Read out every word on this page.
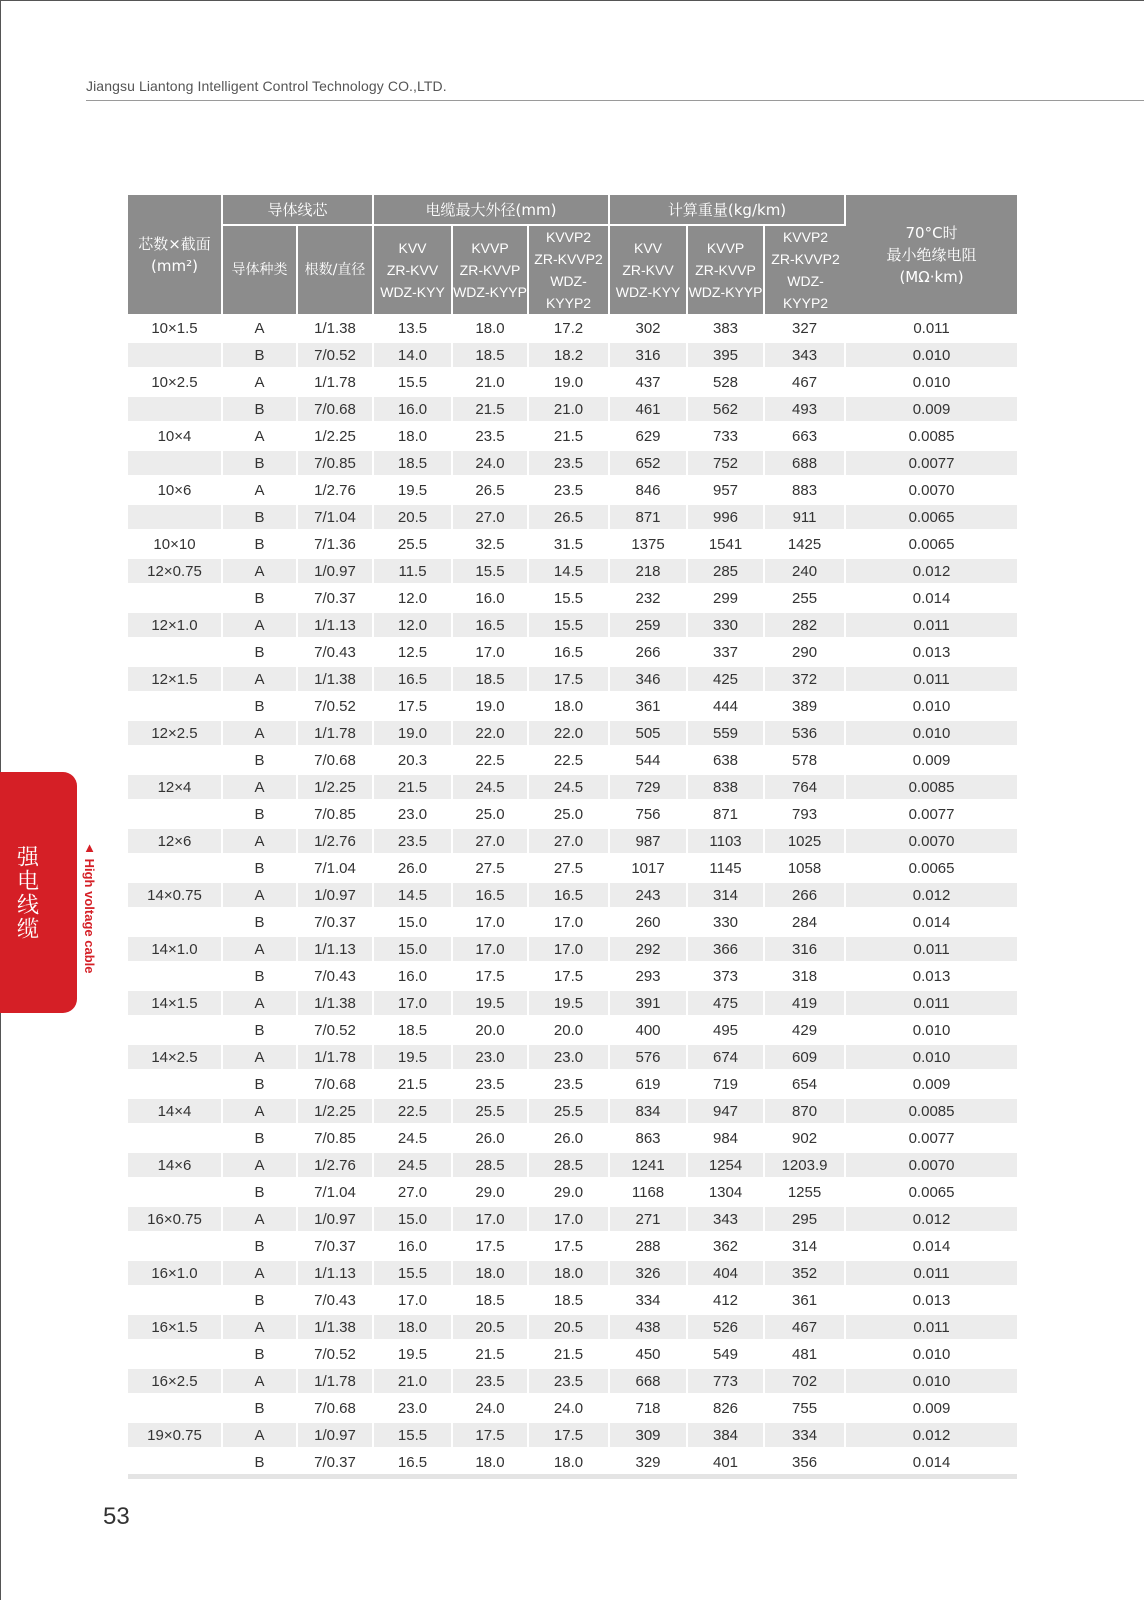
Jiangsu Liantong Intelligent Control Technology CO.,LTD.
强电线缆	▲ High voltage cable
芯数×截面
(mm²)	导体线芯		电缆最大外径(mm)			计算重量(kg/km)			70°C时
最小绝缘电阻
(MΩ·km)
	导体种类	根数/直径	KVV
ZR-KVV
WDZ-KYY	KVVP
ZR-KVVP
WDZ-KYYP	KVVP2
ZR-KVVP2
WDZ-KYYP2	KVV
ZR-KVV
WDZ-KYY	KVVP
ZR-KVVP
WDZ-KYYP	KVVP2
ZR-KVVP2
WDZ-KYYP2	
10×1.5	A	1/1.38	13.5	18.0	17.2	302	383	327	0.011
	B	7/0.52	14.0	18.5	18.2	316	395	343	0.010
10×2.5	A	1/1.78	15.5	21.0	19.0	437	528	467	0.010
	B	7/0.68	16.0	21.5	21.0	461	562	493	0.009
10×4	A	1/2.25	18.0	23.5	21.5	629	733	663	0.0085
	B	7/0.85	18.5	24.0	23.5	652	752	688	0.0077
10×6	A	1/2.76	19.5	26.5	23.5	846	957	883	0.0070
	B	7/1.04	20.5	27.0	26.5	871	996	911	0.0065
10×10	B	7/1.36	25.5	32.5	31.5	1375	1541	1425	0.0065
12×0.75	A	1/0.97	11.5	15.5	14.5	218	285	240	0.012
	B	7/0.37	12.0	16.0	15.5	232	299	255	0.014
12×1.0	A	1/1.13	12.0	16.5	15.5	259	330	282	0.011
	B	7/0.43	12.5	17.0	16.5	266	337	290	0.013
12×1.5	A	1/1.38	16.5	18.5	17.5	346	425	372	0.011
	B	7/0.52	17.5	19.0	18.0	361	444	389	0.010
12×2.5	A	1/1.78	19.0	22.0	22.0	505	559	536	0.010
	B	7/0.68	20.3	22.5	22.5	544	638	578	0.009
12×4	A	1/2.25	21.5	24.5	24.5	729	838	764	0.0085
	B	7/0.85	23.0	25.0	25.0	756	871	793	0.0077
12×6	A	1/2.76	23.5	27.0	27.0	987	1103	1025	0.0070
	B	7/1.04	26.0	27.5	27.5	1017	1145	1058	0.0065
14×0.75	A	1/0.97	14.5	16.5	16.5	243	314	266	0.012
	B	7/0.37	15.0	17.0	17.0	260	330	284	0.014
14×1.0	A	1/1.13	15.0	17.0	17.0	292	366	316	0.011
	B	7/0.43	16.0	17.5	17.5	293	373	318	0.013
14×1.5	A	1/1.38	17.0	19.5	19.5	391	475	419	0.011
	B	7/0.52	18.5	20.0	20.0	400	495	429	0.010
14×2.5	A	1/1.78	19.5	23.0	23.0	576	674	609	0.010
	B	7/0.68	21.5	23.5	23.5	619	719	654	0.009
14×4	A	1/2.25	22.5	25.5	25.5	834	947	870	0.0085
	B	7/0.85	24.5	26.0	26.0	863	984	902	0.0077
14×6	A	1/2.76	24.5	28.5	28.5	1241	1254	1203.9	0.0070
	B	7/1.04	27.0	29.0	29.0	1168	1304	1255	0.0065
16×0.75	A	1/0.97	15.0	17.0	17.0	271	343	295	0.012
	B	7/0.37	16.0	17.5	17.5	288	362	314	0.014
16×1.0	A	1/1.13	15.5	18.0	18.0	326	404	352	0.011
	B	7/0.43	17.0	18.5	18.5	334	412	361	0.013
16×1.5	A	1/1.38	18.0	20.5	20.5	438	526	467	0.011
	B	7/0.52	19.5	21.5	21.5	450	549	481	0.010
16×2.5	A	1/1.78	21.0	23.5	23.5	668	773	702	0.010
	B	7/0.68	23.0	24.0	24.0	718	826	755	0.009
19×0.75	A	1/0.97	15.5	17.5	17.5	309	384	334	0.012
	B	7/0.37	16.5	18.0	18.0	329	401	356	0.014
53
